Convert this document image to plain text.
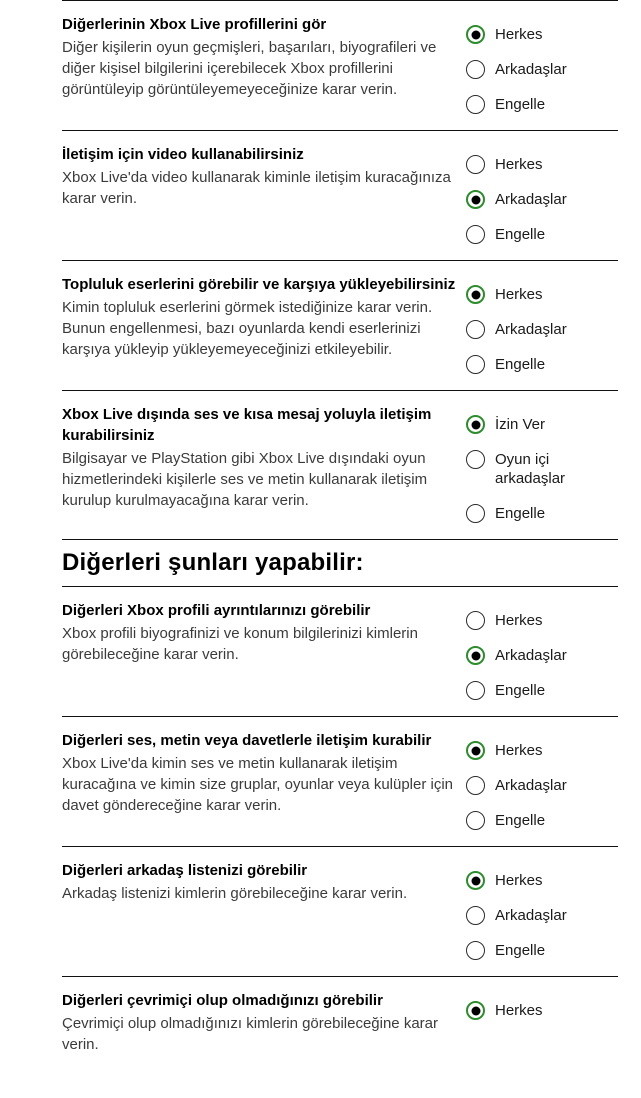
Diğerlerinin Xbox Live profillerini gör
Diğer kişilerin oyun geçmişleri, başarıları, biyografileri ve diğer kişisel bilgilerini içerebilecek Xbox profillerini görüntüleyip görüntüleyemeyeceğinize karar verin.
Herkes
Arkadaşlar
Engelle
İletişim için video kullanabilirsiniz
Xbox Live'da video kullanarak kiminle iletişim kuracağınıza karar verin.
Herkes
Arkadaşlar
Engelle
Topluluk eserlerini görebilir ve karşıya yükleyebilirsiniz
Kimin topluluk eserlerini görmek istediğinize karar verin. Bunun engellenmesi, bazı oyunlarda kendi eserlerinizi karşıya yükleyip yükleyemeyeceğinizi etkileyebilir.
Herkes
Arkadaşlar
Engelle
Xbox Live dışında ses ve kısa mesaj yoluyla iletişim kurabilirsiniz
Bilgisayar ve PlayStation gibi Xbox Live dışındaki oyun hizmetlerindeki kişilerle ses ve metin kullanarak iletişim kurulup kurulmayacağına karar verin.
İzin Ver
Oyun içi arkadaşlar
Engelle
Diğerleri şunları yapabilir:
Diğerleri Xbox profili ayrıntılarınızı görebilir
Xbox profili biyografinizi ve konum bilgilerinizi kimlerin görebileceğine karar verin.
Herkes
Arkadaşlar
Engelle
Diğerleri ses, metin veya davetlerle iletişim kurabilir
Xbox Live'da kimin ses ve metin kullanarak iletişim kuracağına ve kimin size gruplar, oyunlar veya kulüpler için davet göndereceğine karar verin.
Herkes
Arkadaşlar
Engelle
Diğerleri arkadaş listenizi görebilir
Arkadaş listenizi kimlerin görebileceğine karar verin.
Herkes
Arkadaşlar
Engelle
Diğerleri çevrimiçi olup olmadığınızı görebilir
Çevrimiçi olup olmadığınızı kimlerin görebileceğine karar verin.
Herkes
